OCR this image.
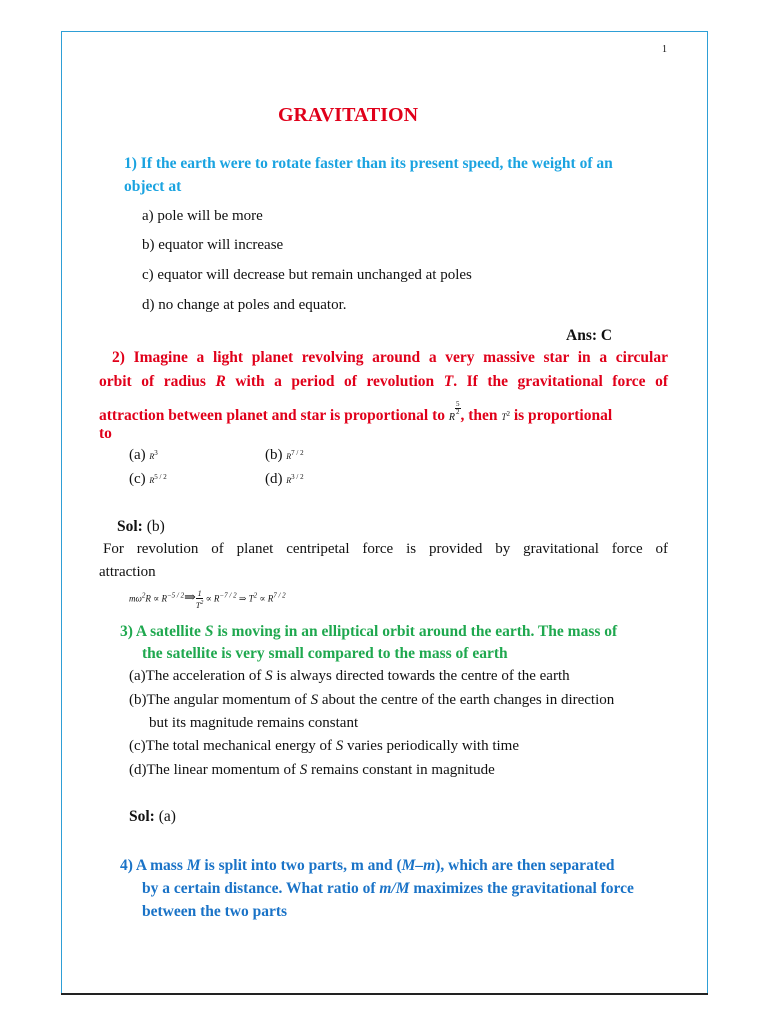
1
GRAVITATION
1) If the earth were to rotate faster than its present speed, the weight of an
object at
a) pole will be more
b) equator will increase
c) equator will decrease but remain unchanged at poles
d) no change at poles and equator.
Ans: C
2) Imagine a light planet revolving around a very massive star in a circular
orbit of radius R with a period of revolution T. If the gravitational force of
attraction between planet and star is proportional to R
$\frac{5}{2}$ , then $T^2$ is proportional
to
(a) $R^3$	(b) $R^{7 / 2}$
(c) $R^{5 / 2}$	(d) $R^{3 / 2}$
Sol: (b)
For revolution of planet centripetal force is provided by gravitational force of
attraction
$m\omega^2R$ ∝ $R^{-5 / 2}\Rightarrow \frac{1}{T^2} \propto R^{-7 / 2}$ ⇒ $T^2 \propto R^{7 / 2}$
3) A satellite S is moving in an elliptical orbit around the earth. The mass of
the satellite is very small compared to the mass of earth
(a)The acceleration of S is always directed towards the centre of the earth
(b)The angular momentum of S about the centre of the earth changes in direction
but its magnitude remains constant
(c)The total mechanical energy of S varies periodically with time
(d)The linear momentum of S remains constant in magnitude
Sol: (a)
4) A mass M is split into two parts, m and (M–m), which are then separated
by a certain distance. What ratio of m/M maximizes the gravitational force
between the two parts
